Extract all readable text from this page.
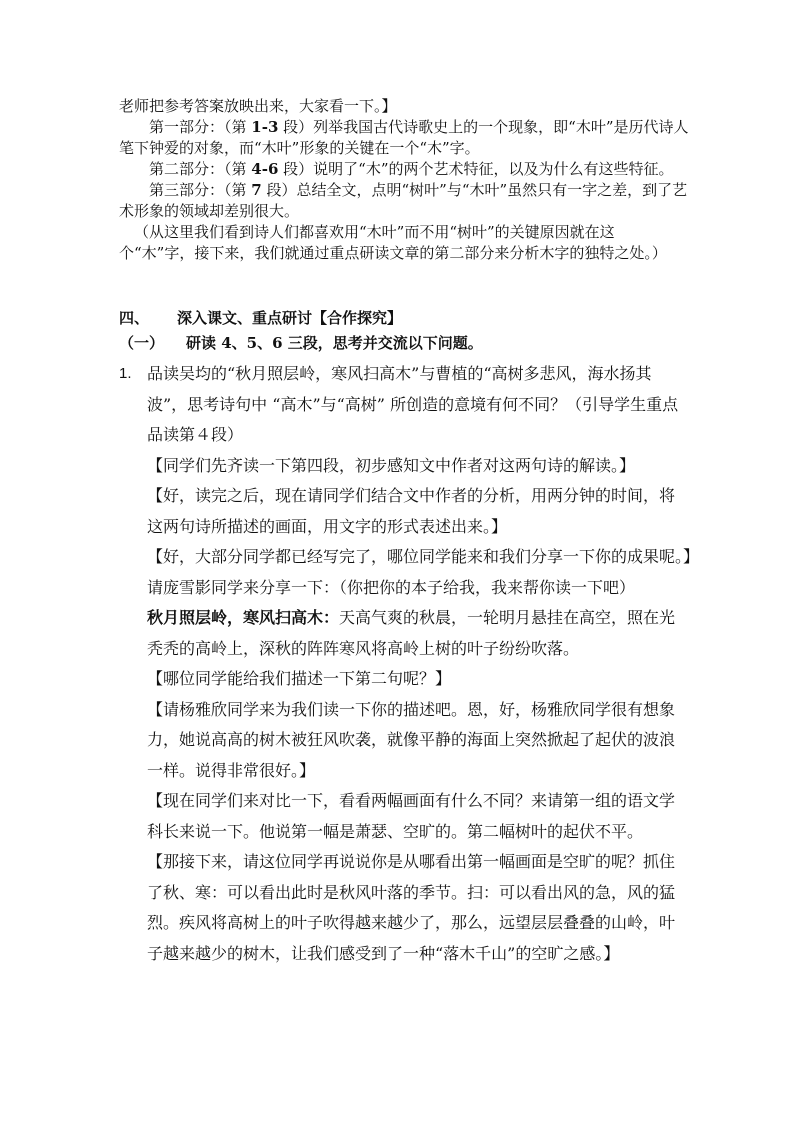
老师把参考答案放映出来，大家看一下。】

第一部分：（第 1-3 段）列举我国古代诗歌史上的一个现象，即“木叶”是历代诗人笔下钟爱的对象，而“木叶”形象的关键在一个“木”字。

第二部分：（第 4-6 段）说明了“木”的两个艺术特征，以及为什么有这些特征。

第三部分：（第 7 段）总结全文，点明“树叶”与“木叶”虽然只有一字之差，到了艺术形象的领域却差别很大。

（从这里我们看到诗人们都喜欢用“木叶”而不用“树叶”的关键原因就在这个“木”字，接下来，我们就通过重点研读文章的第二部分来分析木字的独特之处。）

四、 深入课文、重点研讨【合作探究】
（一） 研读 4、5、6 三段，思考并交流以下问题。
1. 品读吴均的“秋月照层岭，寒风扫高木”与曹植的“高树多悲风，海水扬其波”，思考诗句中 “高木”与“高树” 所创造的意境有何不同？（引导学生重点品读第４段）

【同学们先齐读一下第四段，初步感知文中作者对这两句诗的解读。】

【好，读完之后，现在请同学们结合文中作者的分析，用两分钟的时间，将这两句诗所描述的画面，用文字的形式表述出来。】

【好，大部分同学都已经写完了，哪位同学能来和我们分享一下你的成果呢。】

请庞雪影同学来分享一下：（你把你的本子给我，我来帮你读一下吧）

秋月照层岭，寒风扫高木：天高气爽的秋晨，一轮明月悬挂在高空，照在光秃秃的高岭上，深秋的阵阵寒风将高岭上树的叶子纷纷吹落。

【哪位同学能给我们描述一下第二句呢？】

【请杨雅欣同学来为我们读一下你的描述吧。恩，好，杨雅欣同学很有想象力，她说高高的树木被狂风吹袭，就像平静的海面上突然掀起了起伏的波浪一样。说得非常很好。】

【现在同学们来对比一下，看看两幅画面有什么不同？来请第一组的语文学科长来说一下。他说第一幅是萧瑟、空旷的。第二幅树叶的起伏不平。

【那接下来，请这位同学再说说你是从哪看出第一幅画面是空旷的呢？抓住了秋、寒：可以看出此时是秋风叶落的季节。扫：可以看出风的急，风的猛烈。疾风将高树上的叶子吹得越来越少了，那么，远望层层叠叠的山岭，叶子越来越少的树木，让我们感受到了一种“落木千山”的空旷之感。】
